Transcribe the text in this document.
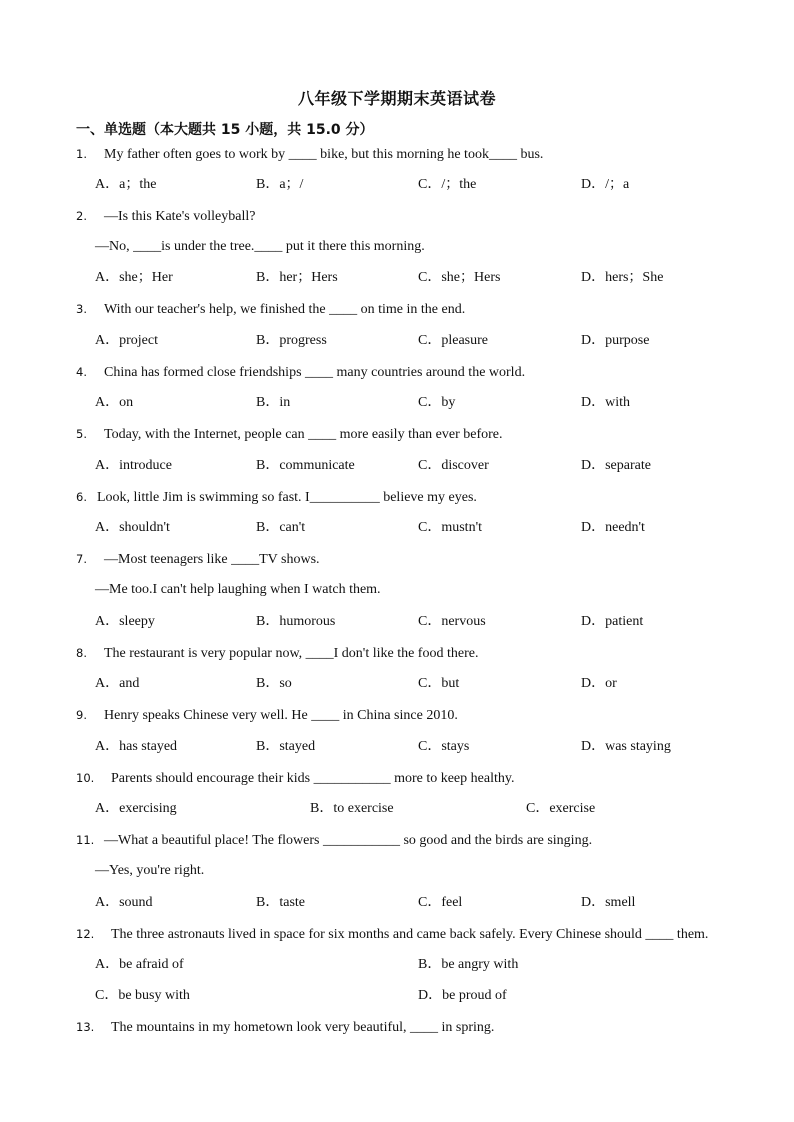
八年级下学期期末英语试卷
一、单选题（本大题共 15 小题，共 15.0 分）
1. My father often goes to work by ____ bike, but this morning he took____ bus.
A．a；the	B．a；/	C．/；the	D．/；a
2. —Is this Kate's volleyball?
—No, ____is under the tree.____ put it there this morning.
A．she；Her	B．her；Hers	C．she；Hers	D．hers；She
3. With our teacher's help, we finished the ____ on time in the end.
A．project	B．progress	C．pleasure	D．purpose
4. China has formed close friendships ____ many countries around the world.
A．on	B．in	C．by	D．with
5. Today, with the Internet, people can ____ more easily than ever before.
A．introduce	B．communicate	C．discover	D．separate
6. Look, little Jim is swimming so fast. I__________ believe my eyes.
A．shouldn't	B．can't	C．mustn't	D．needn't
7. —Most teenagers like ____TV shows.
—Me too.I can't help laughing when I watch them.
A．sleepy	B．humorous	C．nervous	D．patient
8. The restaurant is very popular now, ____I don't like the food there.
A．and	B．so	C．but	D．or
9. Henry speaks Chinese very well. He ____ in China since 2010.
A．has stayed	B．stayed	C．stays	D．was staying
10. Parents should encourage their kids ___________ more to keep healthy.
A．exercising	B．to exercise	C．exercise
11. —What a beautiful place! The flowers ___________ so good and the birds are singing.
—Yes, you're right.
A．sound	B．taste	C．feel	D．smell
12. The three astronauts lived in space for six months and came back safely. Every Chinese should ____ them.
A．be afraid of	B．be angry with
C．be busy with	D．be proud of
13. The mountains in my hometown look very beautiful, ____ in spring.
